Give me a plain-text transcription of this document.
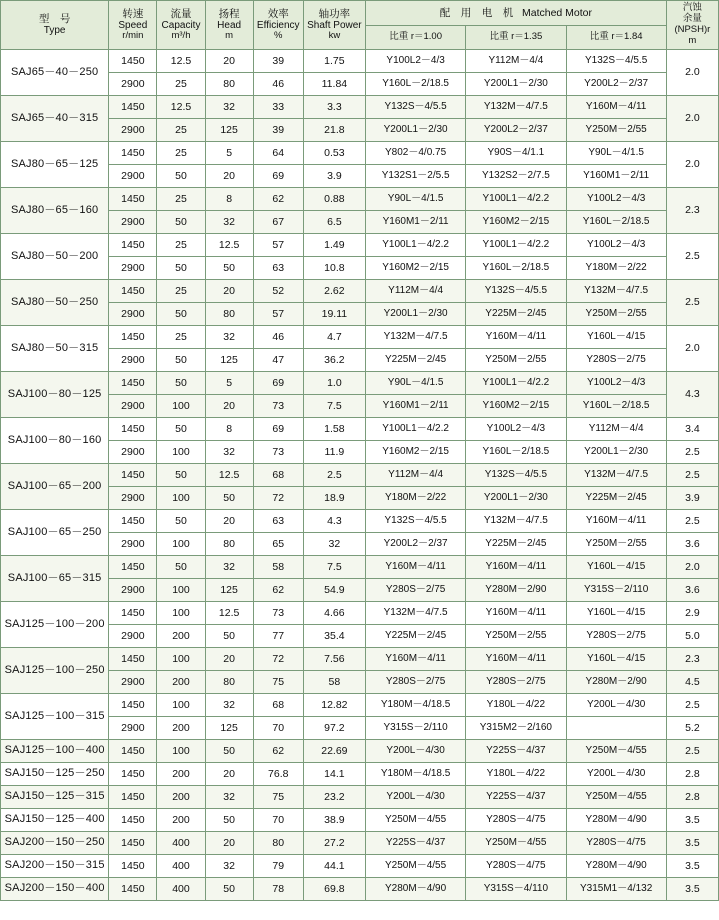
型　号
Type	转速
Speed
r/min	流量
Capacity
m³/h	扬程
Head
m	效率
Efficiency
%	轴功率
Shaft Power
kw	配　用　电　机 Matched Motor			汽蚀
余量
(NPSH)r
m

						比重 r＝1.00	比重 r＝1.35	比重 r＝1.84	

SAJ65－40－250	1450	12.5	20	39	1.75	Y100L2－4/3	Y112M－4/4	Y132S－4/5.5	2.0
	2900	25	80	46	11.84	Y160L－2/18.5	Y200L1－2/30	Y200L2－2/37	
SAJ65－40－315	1450	12.5	32	33	3.3	Y132S－4/5.5	Y132M－4/7.5	Y160M－4/11	2.0
	2900	25	125	39	21.8	Y200L1－2/30	Y200L2－2/37	Y250M－2/55	
SAJ80－65－125	1450	25	5	64	0.53	Y802－4/0.75	Y90S－4/1.1	Y90L－4/1.5	2.0
	2900	50	20	69	3.9	Y132S1－2/5.5	Y132S2－2/7.5	Y160M1－2/11	
SAJ80－65－160	1450	25	8	62	0.88	Y90L－4/1.5	Y100L1－4/2.2	Y100L2－4/3	2.3
	2900	50	32	67	6.5	Y160M1－2/11	Y160M2－2/15	Y160L－2/18.5	
SAJ80－50－200	1450	25	12.5	57	1.49	Y100L1－4/2.2	Y100L1－4/2.2	Y100L2－4/3	2.5
	2900	50	50	63	10.8	Y160M2－2/15	Y160L－2/18.5	Y180M－2/22	
SAJ80－50－250	1450	25	20	52	2.62	Y112M－4/4	Y132S－4/5.5	Y132M－4/7.5	2.5
	2900	50	80	57	19.11	Y200L1－2/30	Y225M－2/45	Y250M－2/55	
SAJ80－50－315	1450	25	32	46	4.7	Y132M－4/7.5	Y160M－4/11	Y160L－4/15	2.0
	2900	50	125	47	36.2	Y225M－2/45	Y250M－2/55	Y280S－2/75	
SAJ100－80－125	1450	50	5	69	1.0	Y90L－4/1.5	Y100L1－4/2.2	Y100L2－4/3	4.3
	2900	100	20	73	7.5	Y160M1－2/11	Y160M2－2/15	Y160L－2/18.5	
SAJ100－80－160	1450	50	8	69	1.58	Y100L1－4/2.2	Y100L2－4/3	Y112M－4/4	3.4
	2900	100	32	73	11.9	Y160M2－2/15	Y160L－2/18.5	Y200L1－2/30	2.5
SAJ100－65－200	1450	50	12.5	68	2.5	Y112M－4/4	Y132S－4/5.5	Y132M－4/7.5	2.5
	2900	100	50	72	18.9	Y180M－2/22	Y200L1－2/30	Y225M－2/45	3.9
SAJ100－65－250	1450	50	20	63	4.3	Y132S－4/5.5	Y132M－4/7.5	Y160M－4/11	2.5
	2900	100	80	65	32	Y200L2－2/37	Y225M－2/45	Y250M－2/55	3.6
SAJ100－65－315	1450	50	32	58	7.5	Y160M－4/11	Y160M－4/11	Y160L－4/15	2.0
	2900	100	125	62	54.9	Y280S－2/75	Y280M－2/90	Y315S－2/110	3.6
SAJ125－100－200	1450	100	12.5	73	4.66	Y132M－4/7.5	Y160M－4/11	Y160L－4/15	2.9
	2900	200	50	77	35.4	Y225M－2/45	Y250M－2/55	Y280S－2/75	5.0
SAJ125－100－250	1450	100	20	72	7.56	Y160M－4/11	Y160M－4/11	Y160L－4/15	2.3
	2900	200	80	75	58	Y280S－2/75	Y280S－2/75	Y280M－2/90	4.5
SAJ125－100－315	1450	100	32	68	12.82	Y180M－4/18.5	Y180L－4/22	Y200L－4/30	2.5
	2900	200	125	70	97.2	Y315S－2/110	Y315M2－2/160		5.2
SAJ125－100－400	1450	100	50	62	22.69	Y200L－4/30	Y225S－4/37	Y250M－4/55	2.5
SAJ150－125－250	1450	200	20	76.8	14.1	Y180M－4/18.5	Y180L－4/22	Y200L－4/30	2.8
SAJ150－125－315	1450	200	32	75	23.2	Y200L－4/30	Y225S－4/37	Y250M－4/55	2.8
SAJ150－125－400	1450	200	50	70	38.9	Y250M－4/55	Y280S－4/75	Y280M－4/90	3.5
SAJ200－150－250	1450	400	20	80	27.2	Y225S－4/37	Y250M－4/55	Y280S－4/75	3.5
SAJ200－150－315	1450	400	32	79	44.1	Y250M－4/55	Y280S－4/75	Y280M－4/90	3.5
SAJ200－150－400	1450	400	50	78	69.8	Y280M－4/90	Y315S－4/110	Y315M1－4/132	3.5
